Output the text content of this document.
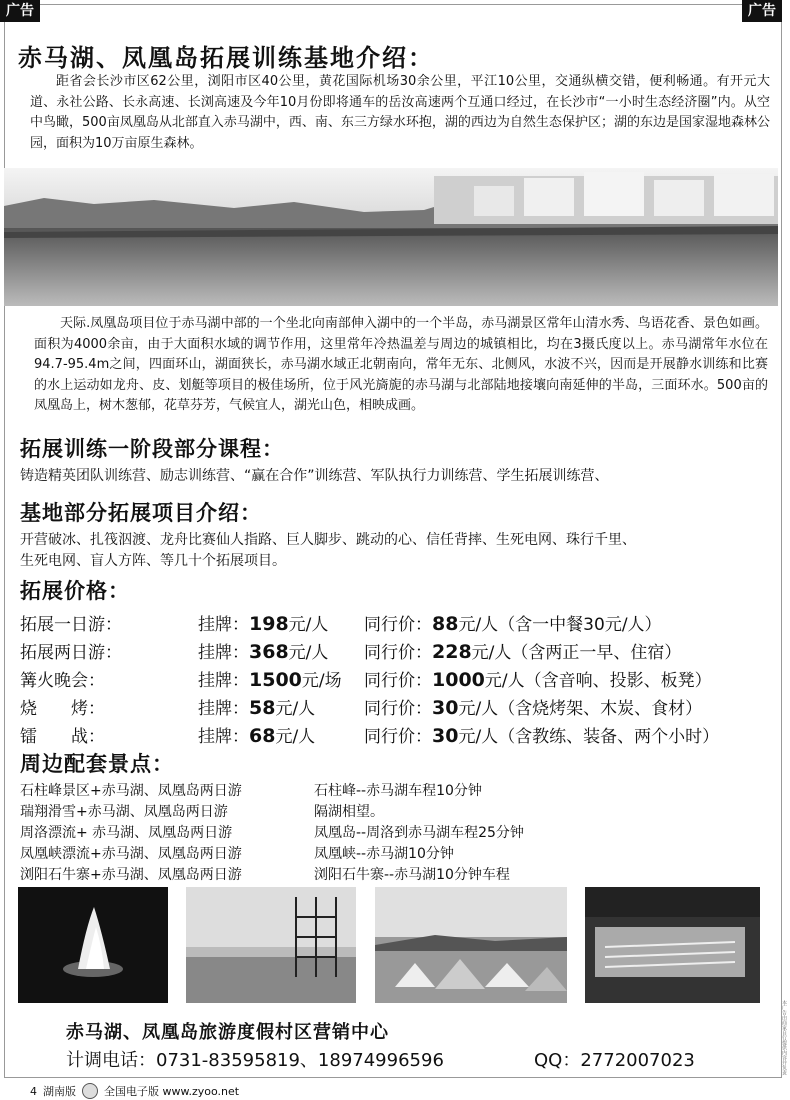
广告	广告
赤马湖、凤凰岛拓展训练基地介绍：
距省会长沙市区62公里，浏阳市区40公里，黄花国际机场30余公里，平江10公里，交通纵横交错，便利畅通。有开元大道、永社公路、长永高速、长浏高速及今年10月份即将通车的岳汝高速两个互通口经过，在长沙市“一小时生态经济圈”内。从空中鸟瞰，500亩凤凰岛从北部直入赤马湖中，西、南、东三方绿水环抱，湖的西边为自然生态保护区；湖的东边是国家湿地森林公园，面积为10万亩原生森林。
天际.凤凰岛项目位于赤马湖中部的一个坐北向南部伸入湖中的一个半岛，赤马湖景区常年山清水秀、鸟语花香、景色如画。面积为4000余亩，由于大面积水域的调节作用，这里常年冷热温差与周边的城镇相比，均在3摄氏度以上。赤马湖常年水位在94.7-95.4m之间，四面环山，湖面狭长，赤马湖水域正北朝南向，常年无东、北侧风，水波不兴，因而是开展静水训练和比赛的水上运动如龙舟、皮、划艇等项目的极佳场所，位于风光旖旎的赤马湖与北部陆地接壤向南延伸的半岛，三面环水。500亩的凤凰岛上，树木葱郁，花草芬芳，气候宜人，湖光山色，相映成画。
拓展训练一阶段部分课程：
铸造精英团队训练营、励志训练营、“赢在合作”训练营、军队执行力训练营、学生拓展训练营、
基地部分拓展项目介绍：
开营破冰、扎筏泅渡、龙舟比赛仙人指路、巨人脚步、跳动的心、信任背摔、生死电网、珠行千里、
生死电网、盲人方阵、等几十个拓展项目。
拓展价格：
拓展一日游：	挂牌：198元/人 同行价：88元/人（含一中餐30元/人）
拓展两日游：	挂牌：368元/人 同行价：228元/人（含两正一早、住宿）
篝火晚会：	挂牌：1500元/场 同行价：1000元/人（含音响、投影、板凳）
烧　　烤：	挂牌：58元/人	同行价：30元/人（含烧烤架、木炭、食材）
镭　　战：	挂牌：68元/人	同行价：30元/人（含教练、装备、两个小时）
周边配套景点：
石柱峰景区+赤马湖、凤凰岛两日游	石柱峰--赤马湖车程10分钟
瑞翔滑雪+赤马湖、凤凰岛两日游	隔湖相望。
周洛漂流+ 赤马湖、凤凰岛两日游	凤凰岛--周洛到赤马湖车程25分钟
凤凰峡漂流+赤马湖、凤凰岛两日游	凤凰峡--赤马湖10分钟
浏阳石牛寨+赤马湖、凤凰岛两日游	浏阳石牛寨--赤马湖10分钟车程
赤马湖、凤凰岛旅游度假村区营销中心
计调电话：0731-83595819、18974996596	QQ：2772007023
4 湖南版	全国电子版 www.zyoo.net
本广告由商家自行提供内容并负责
